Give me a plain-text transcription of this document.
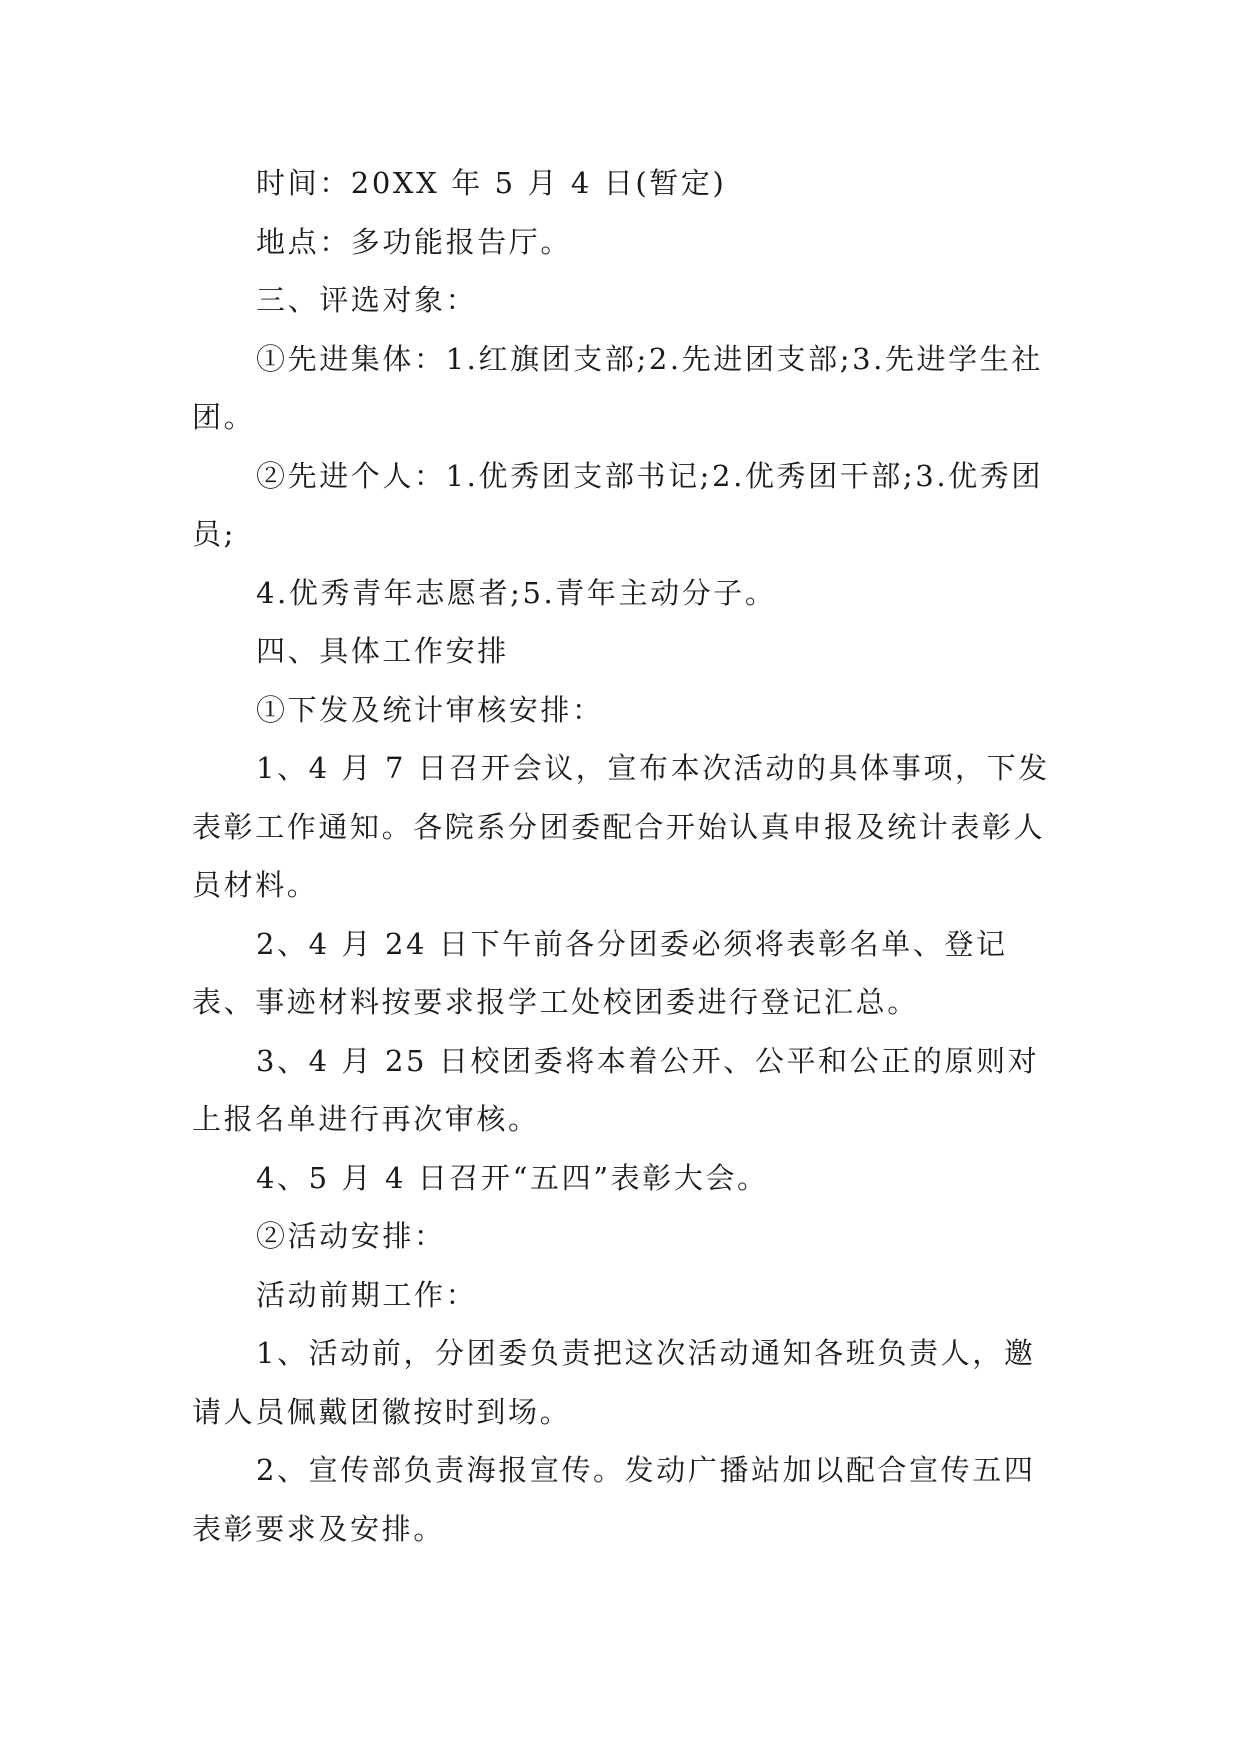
时间：20XX 年 5 月 4 日(暂定)

地点：多功能报告厅。

三、评选对象：

①先进集体：1.红旗团支部;2.先进团支部;3.先进学生社团。

②先进个人：1.优秀团支部书记;2.优秀团干部;3.优秀团员;

4.优秀青年志愿者;5.青年主动分子。

四、具体工作安排

①下发及统计审核安排：

1、4 月 7 日召开会议，宣布本次活动的具体事项，下发表彰工作通知。各院系分团委配合开始认真申报及统计表彰人员材料。

2、4 月 24 日下午前各分团委必须将表彰名单、登记表、事迹材料按要求报学工处校团委进行登记汇总。

3、4 月 25 日校团委将本着公开、公平和公正的原则对上报名单进行再次审核。

4、5 月 4 日召开“五四”表彰大会。

②活动安排：

活动前期工作：

1、活动前，分团委负责把这次活动通知各班负责人，邀请人员佩戴团徽按时到场。

2、宣传部负责海报宣传。发动广播站加以配合宣传五四表彰要求及安排。
